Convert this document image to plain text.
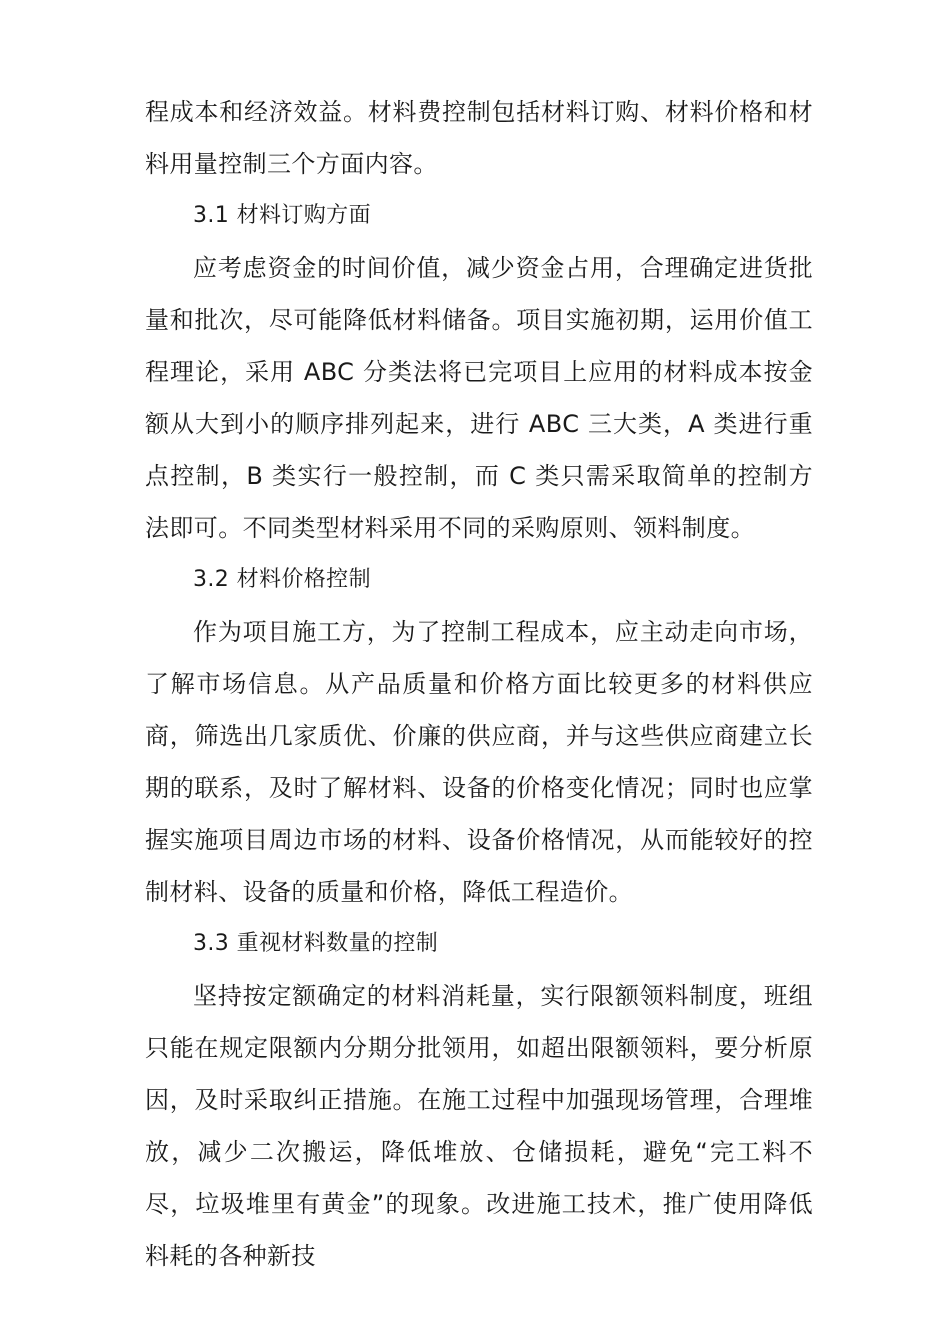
程成本和经济效益。材料费控制包括材料订购、材料价格和材料用量控制三个方面内容。

3.1 材料订购方面

应考虑资金的时间价值，减少资金占用，合理确定进货批量和批次，尽可能降低材料储备。项目实施初期，运用价值工程理论，采用 ABC 分类法将已完项目上应用的材料成本按金额从大到小的顺序排列起来，进行 ABC 三大类，A 类进行重点控制，B 类实行一般控制，而 C 类只需采取简单的控制方法即可。不同类型材料采用不同的采购原则、领料制度。

3.2 材料价格控制

作为项目施工方，为了控制工程成本，应主动走向市场，了解市场信息。从产品质量和价格方面比较更多的材料供应商，筛选出几家质优、价廉的供应商，并与这些供应商建立长期的联系，及时了解材料、设备的价格变化情况；同时也应掌握实施项目周边市场的材料、设备价格情况，从而能较好的控制材料、设备的质量和价格，降低工程造价。

3.3 重视材料数量的控制

坚持按定额确定的材料消耗量，实行限额领料制度，班组只能在规定限额内分期分批领用，如超出限额领料，要分析原因，及时采取纠正措施。在施工过程中加强现场管理，合理堆放，减少二次搬运，降低堆放、仓储损耗，避免“完工料不尽，垃圾堆里有黄金”的现象。改进施工技术，推广使用降低料耗的各种新技
